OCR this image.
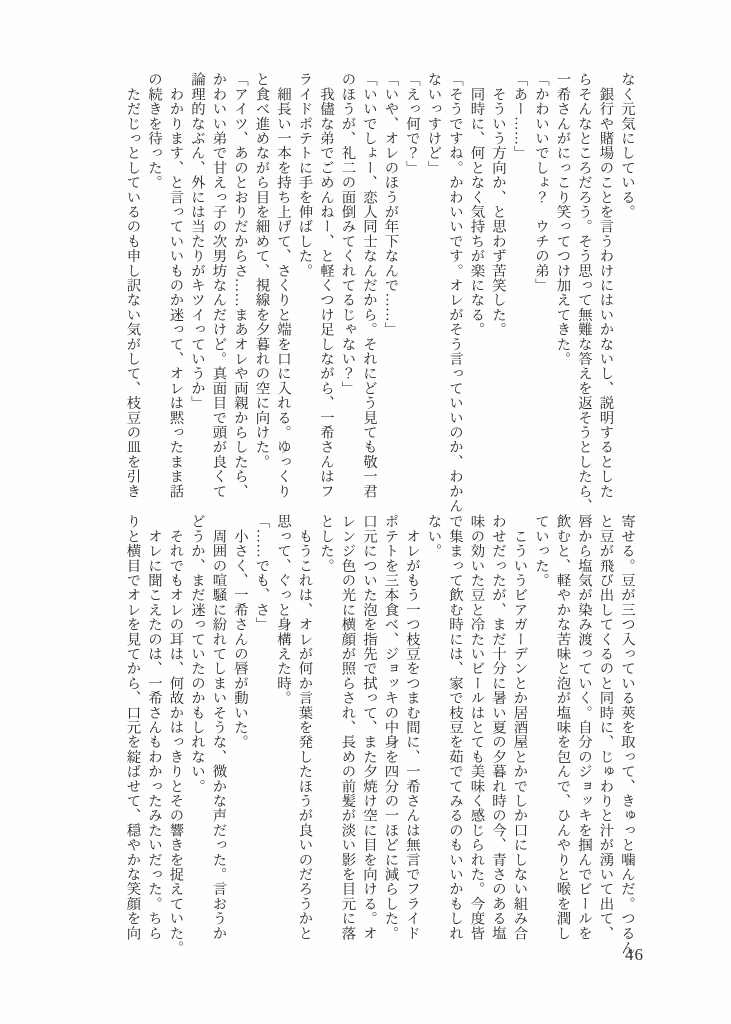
なく元気にしている。

　銀行や賭場のことを言うわけにはいかないし、説明するとした

らそんなところだろう。そう思って無難な答えを返そうとしたら、

一希さんがにっこり笑ってつけ加えてきた。

「かわいいでしょ？　ウチの弟」

「あー……」

　そういう方向か、と思わず苦笑した。

　同時に、何となく気持ちが楽になる。

「そうですね。かわいいです。オレがそう言っていいのか、わかん

ないっすけど」

「えっ何で？」

「いや、オレのほうが年下なんで……」

「いいでしょー、恋人同士なんだから。それにどう見ても敬一君

のほうが、礼二の面倒みてくれてるじゃない？」

　我儘な弟でごめんねー、と軽くつけ足しながら、一希さんはフ

ライドポテトに手を伸ばした。

　細長い一本を持ち上げて、さくりと端を口に入れる。ゆっくり

と食べ進めながら目を細めて、視線を夕暮れの空に向けた。

「アイツ、あのとおりだからさ……まあオレや両親からしたら、

かわいい弟で甘えっ子の次男坊なんだけど。真面目で頭が良くて

論理的なぶん、外には当たりがキツイっていうか」

　わかります、と言っていいものか迷って、オレは黙ったまま話

の続きを待った。

　ただじっとしているのも申し訳ない気がして、枝豆の皿を引き

寄せる。豆が三つ入っている莢を取って、きゅっと噛んだ。つるん

と豆が飛び出してくるのと同時に、じゅわりと汁が湧いて出て、

唇から塩気が染み渡っていく。自分のジョッキを掴んでビールを

飲むと、軽やかな苦味と泡が塩味を包んで、ひんやりと喉を潤し

ていった。

　こういうビアガーデンとか居酒屋とかでしか口にしない組み合

わせだったが、まだ十分に暑い夏の夕暮れ時の今、青さのある塩

味の効いた豆と冷たいビールはとても美味く感じられた。今度皆

で集まって飲む時には、家で枝豆を茹でてみるのもいいかもしれ

ない。

　オレがもう一つ枝豆をつまむ間に、一希さんは無言でフライド

ポテトを三本食べ、ジョッキの中身を四分の一ほどに減らした。

口元についた泡を指先で拭って、また夕焼け空に目を向ける。オ

レンジ色の光に横顔が照らされ、長めの前髪が淡い影を目元に落

とした。

　もうこれは、オレが何か言葉を発したほうが良いのだろうかと

思って、ぐっと身構えた時。

「……でも、さ」

　小さく、一希さんの唇が動いた。

　周囲の喧騒に紛れてしまいそうな、微かな声だった。言おうか

どうか、まだ迷っていたのかもしれない。

　それでもオレの耳は、何故かはっきりとその響きを捉えていた。

　オレに聞こえたのは、一希さんもわかったみたいだった。ちら

りと横目でオレを見てから、口元を綻ばせて、穏やかな笑顔を向

46
